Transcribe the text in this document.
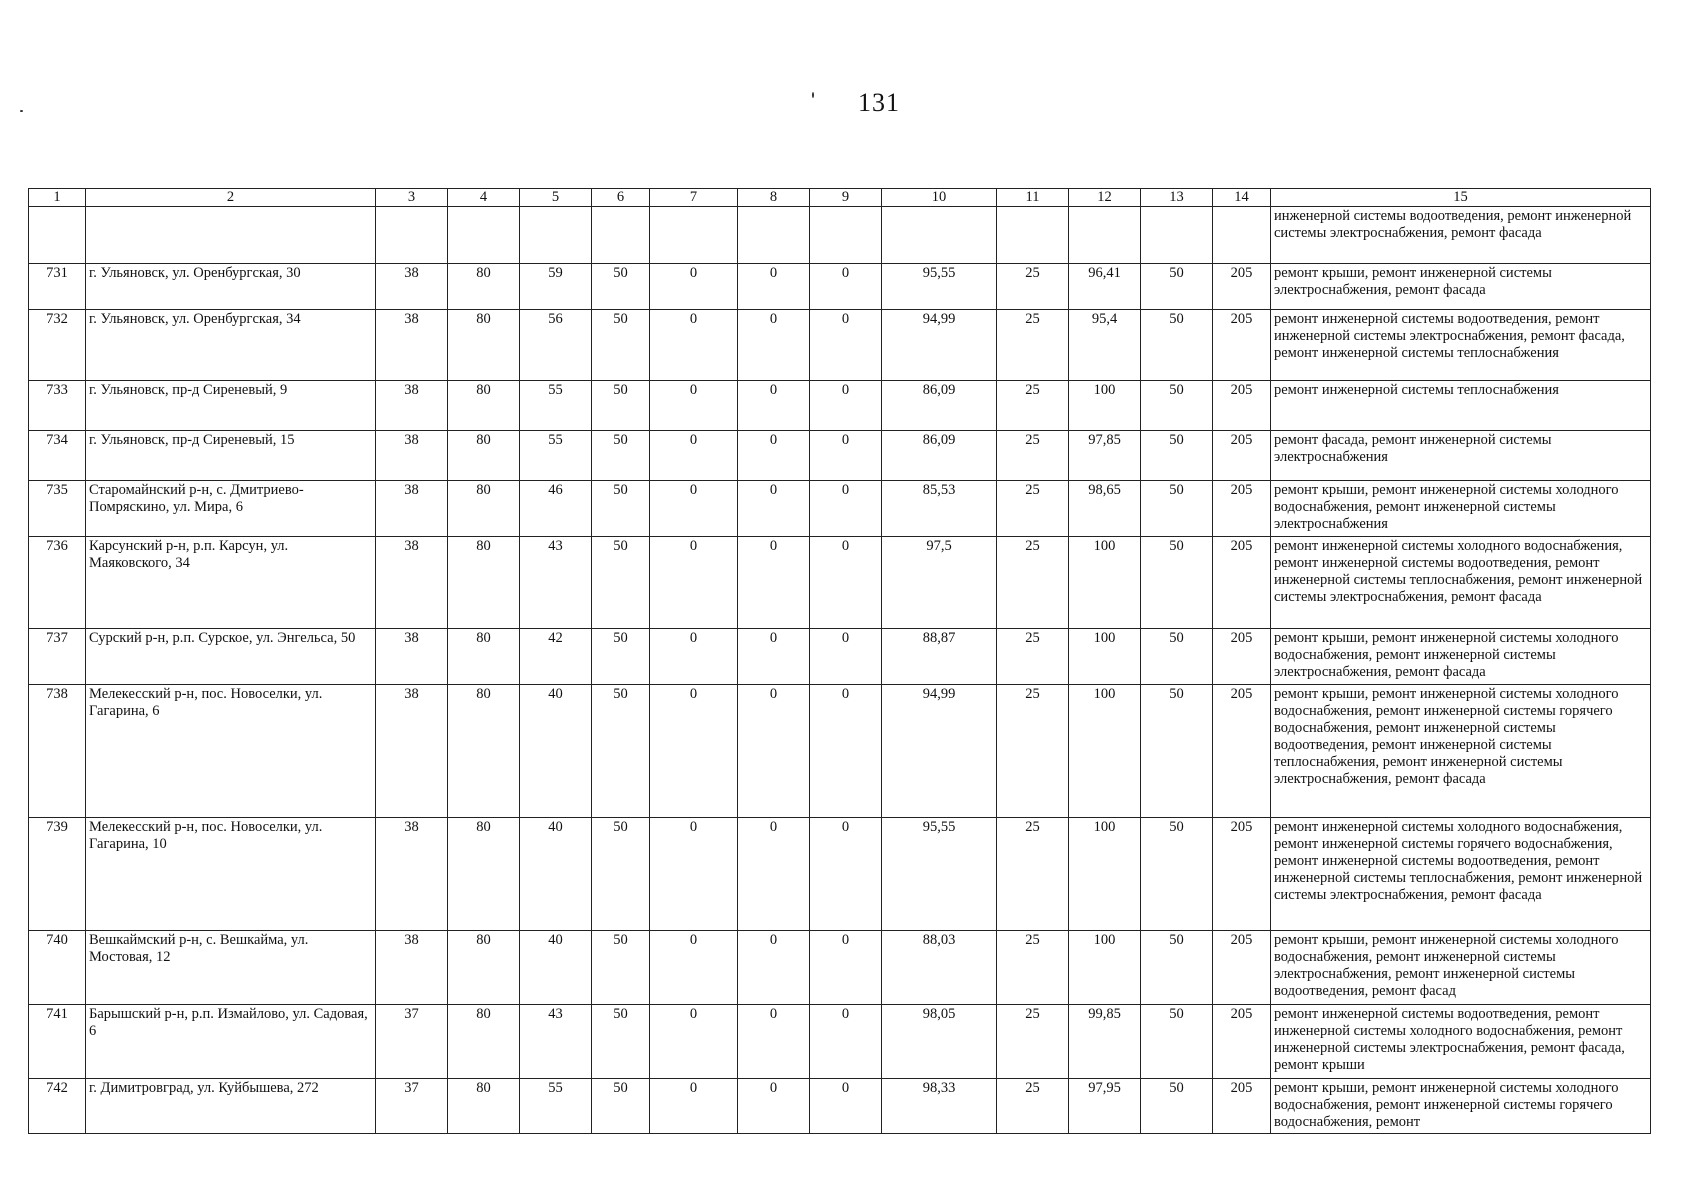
131
1	2	3	4	5	6	7	8	9	10	11	12	13	14	15
														инженерной системы водоотведения, ремонт инженерной системы электроснабжения, ремонт фасада
731	г. Ульяновск, ул. Оренбургская, 30	38	80	59	50	0	0	0	95,55	25	96,41	50	205	ремонт крыши, ремонт инженерной системы электроснабжения, ремонт фасада
732	г. Ульяновск, ул. Оренбургская, 34	38	80	56	50	0	0	0	94,99	25	95,4	50	205	ремонт инженерной системы водоотведения, ремонт инженерной системы электроснабжения, ремонт фасада, ремонт инженерной системы теплоснабжения
733	г. Ульяновск, пр-д Сиреневый, 9	38	80	55	50	0	0	0	86,09	25	100	50	205	ремонт инженерной системы теплоснабжения
734	г. Ульяновск, пр-д Сиреневый, 15	38	80	55	50	0	0	0	86,09	25	97,85	50	205	ремонт фасада, ремонт инженерной системы электроснабжения
735	Старомайнский р-н, с. Дмитриево-Помряскино, ул. Мира, 6	38	80	46	50	0	0	0	85,53	25	98,65	50	205	ремонт крыши, ремонт инженерной системы холодного водоснабжения, ремонт инженерной системы электроснабжения
736	Карсунский р-н, р.п. Карсун, ул. Маяковского, 34	38	80	43	50	0	0	0	97,5	25	100	50	205	ремонт инженерной системы холодного водоснабжения, ремонт инженерной системы водоотведения, ремонт инженерной системы теплоснабжения, ремонт инженерной системы электроснабжения, ремонт фасада
737	Сурский р-н, р.п. Сурское, ул. Энгельса, 50	38	80	42	50	0	0	0	88,87	25	100	50	205	ремонт крыши, ремонт инженерной системы холодного водоснабжения, ремонт инженерной системы электроснабжения, ремонт фасада
738	Мелекесский р-н, пос. Новоселки, ул. Гагарина, 6	38	80	40	50	0	0	0	94,99	25	100	50	205	ремонт крыши, ремонт инженерной системы холодного водоснабжения, ремонт инженерной системы горячего водоснабжения, ремонт инженерной системы водоотведения, ремонт инженерной системы теплоснабжения, ремонт инженерной системы электроснабжения, ремонт фасада
739	Мелекесский р-н, пос. Новоселки, ул. Гагарина, 10	38	80	40	50	0	0	0	95,55	25	100	50	205	ремонт инженерной системы холодного водоснабжения, ремонт инженерной системы горячего водоснабжения, ремонт инженерной системы водоотведения, ремонт инженерной системы теплоснабжения, ремонт инженерной системы электроснабжения, ремонт фасада
740	Вешкаймский р-н, с. Вешкайма, ул. Мостовая, 12	38	80	40	50	0	0	0	88,03	25	100	50	205	ремонт крыши, ремонт инженерной системы холодного водоснабжения, ремонт инженерной системы электроснабжения, ремонт инженерной системы водоотведения, ремонт фасад
741	Барышский р-н, р.п. Измайлово, ул. Садовая, 6	37	80	43	50	0	0	0	98,05	25	99,85	50	205	ремонт инженерной системы водоотведения, ремонт инженерной системы холодного водоснабжения, ремонт инженерной системы электроснабжения, ремонт фасада, ремонт крыши
742	г. Димитровград, ул. Куйбышева, 272	37	80	55	50	0	0	0	98,33	25	97,95	50	205	ремонт крыши, ремонт инженерной системы холодного водоснабжения, ремонт инженерной системы горячего водоснабжения, ремонт
